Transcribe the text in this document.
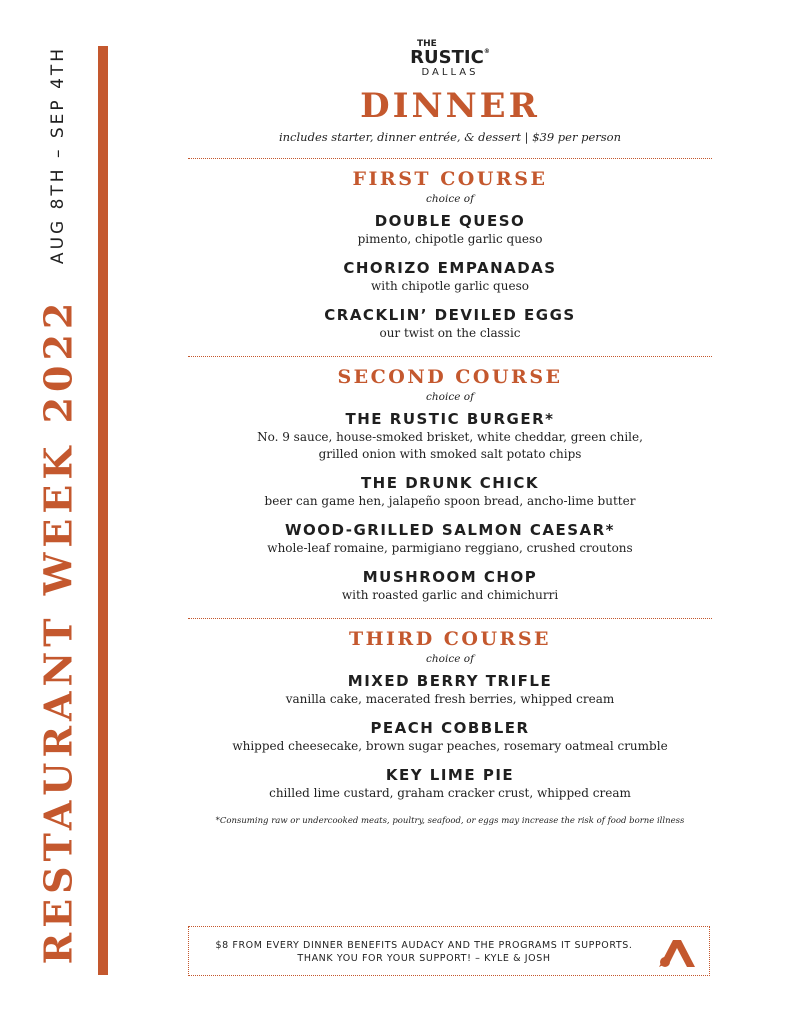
AUG 8TH – SEP 4TH
RESTAURANT WEEK 2022
THE
RUSTIC®
DALLAS
DINNER
includes starter, dinner entrée, & dessert | $39 per person
FIRST COURSE
choice of
DOUBLE QUESO
pimento, chipotle garlic queso
CHORIZO EMPANADAS
with chipotle garlic queso
CRACKLIN’ DEVILED EGGS
our twist on the classic
SECOND COURSE
choice of
THE RUSTIC BURGER*
No. 9 sauce, house-smoked brisket, white cheddar, green chile,
grilled onion with smoked salt potato chips
THE DRUNK CHICK
beer can game hen, jalapeño spoon bread, ancho-lime butter
WOOD-GRILLED SALMON CAESAR*
whole-leaf romaine, parmigiano reggiano, crushed croutons
MUSHROOM CHOP
with roasted garlic and chimichurri
THIRD COURSE
choice of
MIXED BERRY TRIFLE
vanilla cake, macerated fresh berries, whipped cream
PEACH COBBLER
whipped cheesecake, brown sugar peaches, rosemary oatmeal crumble
KEY LIME PIE
chilled lime custard, graham cracker crust, whipped cream
*Consuming raw or undercooked meats, poultry, seafood, or eggs may increase the risk of food borne illness
$8 FROM EVERY DINNER BENEFITS AUDACY AND THE PROGRAMS IT SUPPORTS.
THANK YOU FOR YOUR SUPPORT! – KYLE & JOSH
